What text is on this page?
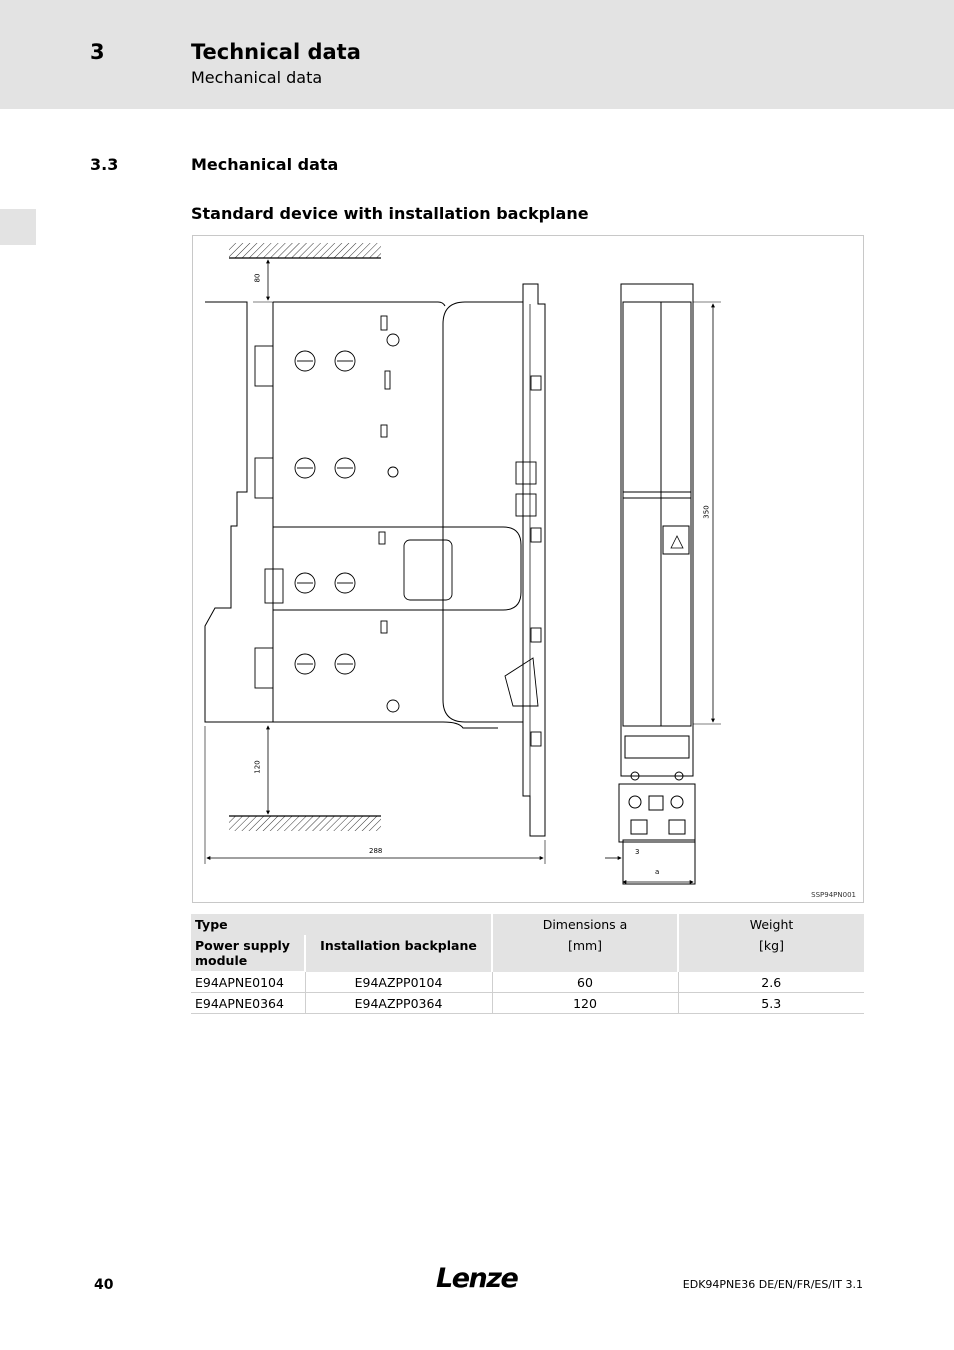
3	Technical data
Mechanical data
3.3	Mechanical data
Standard device with installation backplane
80
120
288
350
3
a
SSP94PN001
Type		Dimensions a	Weight
Power supply module	Installation backplane	[mm]	[kg]
E94APNE0104	E94AZPP0104	60	2.6
E94APNE0364	E94AZPP0364	120	5.3
40	Lenze	EDK94PNE36 DE/EN/FR/ES/IT 3.1
